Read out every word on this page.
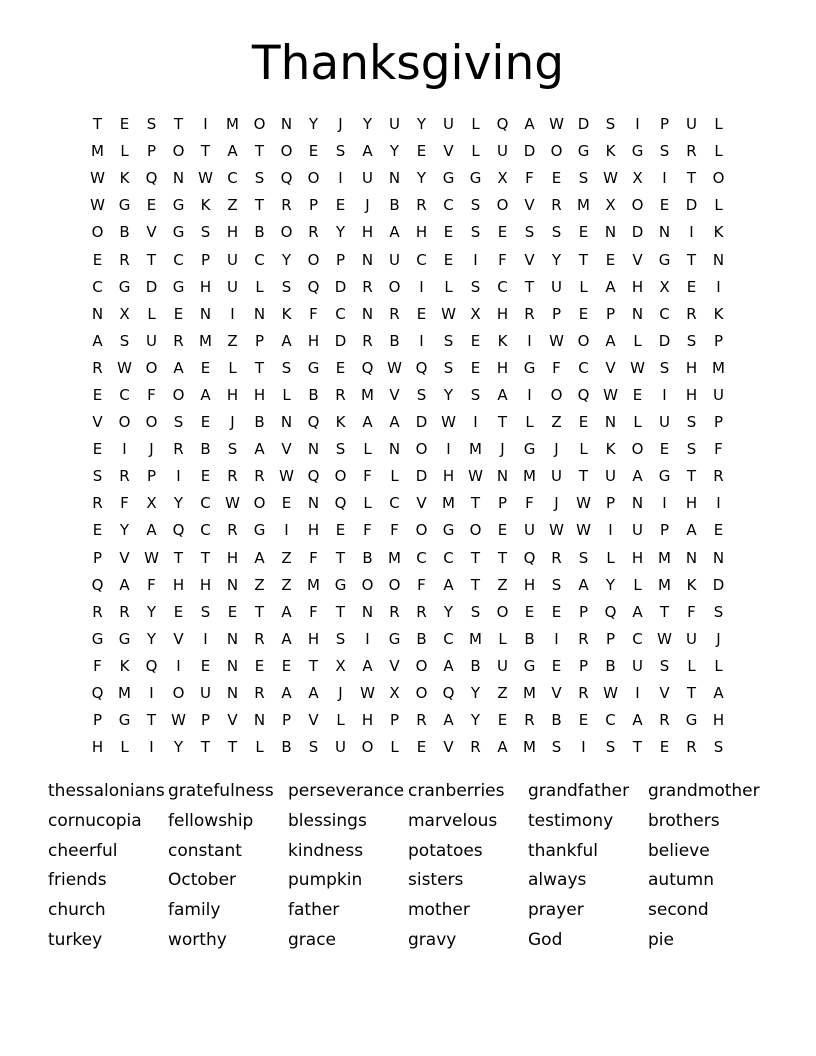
Thanksgiving
T	E	S	T	I	M O	N	Y	J	Y	U	Y	U	L	Q	A W D	S	I	P	U	L
M	L	P	O	T	A	T	O	E	S	A	Y	E	V	L	U	D	O	G	K	G	S	R	L
W K	Q	N W C	S	Q	O	I	U	N	Y	G	G	X	F	E	S W X	I	T	O
W G	E	G	K	Z	T	R	P	E	J	B	R	C	S	O	V	R	M	X	O	E	D	L
O	B	V	G	S	H	B	O	R	Y	H	A	H	E	S	E	S	S	E	N	D	N	I	K
E	R	T	C	P	U	C	Y	O	P	N	U	C	E	I	F	V	Y	T	E	V	G	T	N
C	G	D	G	H	U	L	S	Q	D	R	O	I	L	S	C	T	U	L	A	H	X	E	I
N	X	L	E	N	I	N	K	F	C	N	R	E W X	H	R	P	E	P	N	C	R	K
A	S	U	R	M	Z	P	A	H	D	R	B	I	S	E	K	I	W O	A	L	D	S	P
R W O	A	E	L	T	S	G	E	Q W Q	S	E	H	G	F	C	V W S	H M
E	C	F	O	A	H	H	L	B	R	M	V	S	Y	S	A	I	O	Q W E	I	H	U
V	O	O	S	E	J	B	N	Q	K	A	A	D W	I	T	L	Z	E	N	L	U	S	P
E	I	J	R	B	S	A	V	N	S	L	N	O	I	M	J	G	J	L	K	O	E	S	F
S	R	P	I	E	R	R W Q	O	F	L	D	H W N M	U	T	U	A	G	T	R
R	F	X	Y	C W O	E	N	Q	L	C	V	M	T	P	F	J	W	P	N	I	H	I
E	Y	A	Q	C	R	G	I	H	E	F	F	O	G	O	E	U W W	I	U	P	A	E
P	V W T	T	H	A	Z	F	T	B	M	C	C	T	T	Q	R	S	L	H M N	N
Q	A	F	H	H	N	Z	Z	M G	O	O	F	A	T	Z	H	S	A	Y	L	M	K	D
R	R	Y	E	S	E	T	A	F	T	N	R	R	Y	S	O	E	E	P	Q	A	T	F	S
G	G	Y	V	I	N	R	A	H	S	I	G	B	C	M	L	B	I	R	P	C W U	J
F	K	Q	I	E	N	E	E	T	X	A	V	O	A	B	U	G	E	P	B	U	S	L	L
Q M	I	O	U	N	R	A	A	J	W X	O	Q	Y	Z	M	V	R W	I	V	T	A
P	G	T	W	P	V	N	P	V	L	H	P	R	A	Y	E	R	B	E	C	A	R	G	H
H	L	I	Y	T	T	L	B	S	U	O	L	E	V	R	A	M	S	I	S	T	E	R	S
thessalonians gratefulness perseverance cranberries	grandfather	grandmother
cornucopia	fellowship	blessings	marvelous	testimony	brothers
cheerful	constant	kindness	potatoes	thankful	believe
friends	October	pumpkin	sisters	always	autumn
church	family	father	mother	prayer	second
turkey	worthy	grace	gravy	God	pie
